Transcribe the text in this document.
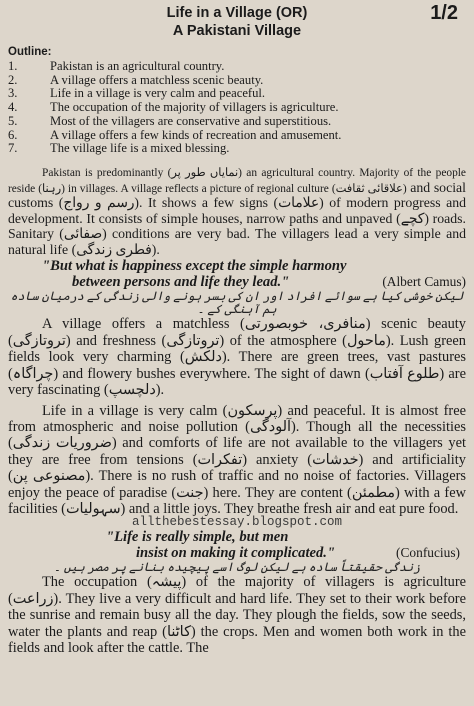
1/2
Life in a Village (OR)
A Pakistani Village
Outline:
1.	Pakistan is an agricultural country.
2.	A village offers a matchless scenic beauty.
3.	Life in a village is very calm and peaceful.
4.	The occupation of the majority of villagers is agriculture.
5.	Most of the villagers are conservative and superstitious.
6.	A village offers a few kinds of recreation and amusement.
7.	The village life is a mixed blessing.
Pakistan is predominantly (نمایاں طور پر) an agricultural country. Majority of the people reside (رہنا) in villages. A village reflects a picture of regional culture (علاقائی ثقافت) and social customs (رسم و رواج). It shows a few signs (علامات) of modern progress and development. It consists of simple houses, narrow paths and unpaved (کچے) roads. Sanitary (صفائی) conditions are very bad. The villagers lead a very simple and natural life (فطری زندگی).
"But what is happiness except the simple harmony
between persons and life they lead."	(Albert Camus)
لیکن خوشی کیا ہے سوائے افراد اور ان کی بسر ہونے والی زندگی کے درمیان سادہ ہم آہنگی کے ۔
A village offers a matchless (منافری، خوبصورتی) scenic beauty (تروتازگی) and freshness (تروتازگی) of the atmosphere (ماحول). Lush green fields look very charming (دلکش). There are green trees, vast pastures (چراگاہ) and flowery bushes everywhere. The sight of dawn (طلوع آفتاب) are very fascinating (دلچسپ).
Life in a village is very calm (پرسکون) and peaceful. It is almost free from atmospheric and noise pollution (آلودگی). Though all the necessities (ضروریات زندگی) and comforts of life are not available to the villagers yet they are free from tensions (تفکرات) anxiety (خدشات) and artificiality (مصنوعی پن). There is no rush of traffic and no noise of factories. Villagers enjoy the peace of paradise (جنت) here. They are content (مطمئن) with a few facilities (سہولیات) and a little joys. They breathe fresh air and eat pure food.
allthebestessay.blogspot.com
"Life is really simple, but men
insist on making it complicated."	(Confucius)
زندگی حقیقتاً سادہ ہے لیکن لوگ اسے پیچیدہ بنانے پر مصر ہیں ۔
The occupation (پیشہ) of the majority of villagers is agriculture (زراعت). They live a very difficult and hard life. They set to their work before the sunrise and remain busy all the day. They plough the fields, sow the seeds, water the plants and reap (کاٹنا) the crops. Men and women both work in the fields and look after the cattle. The
